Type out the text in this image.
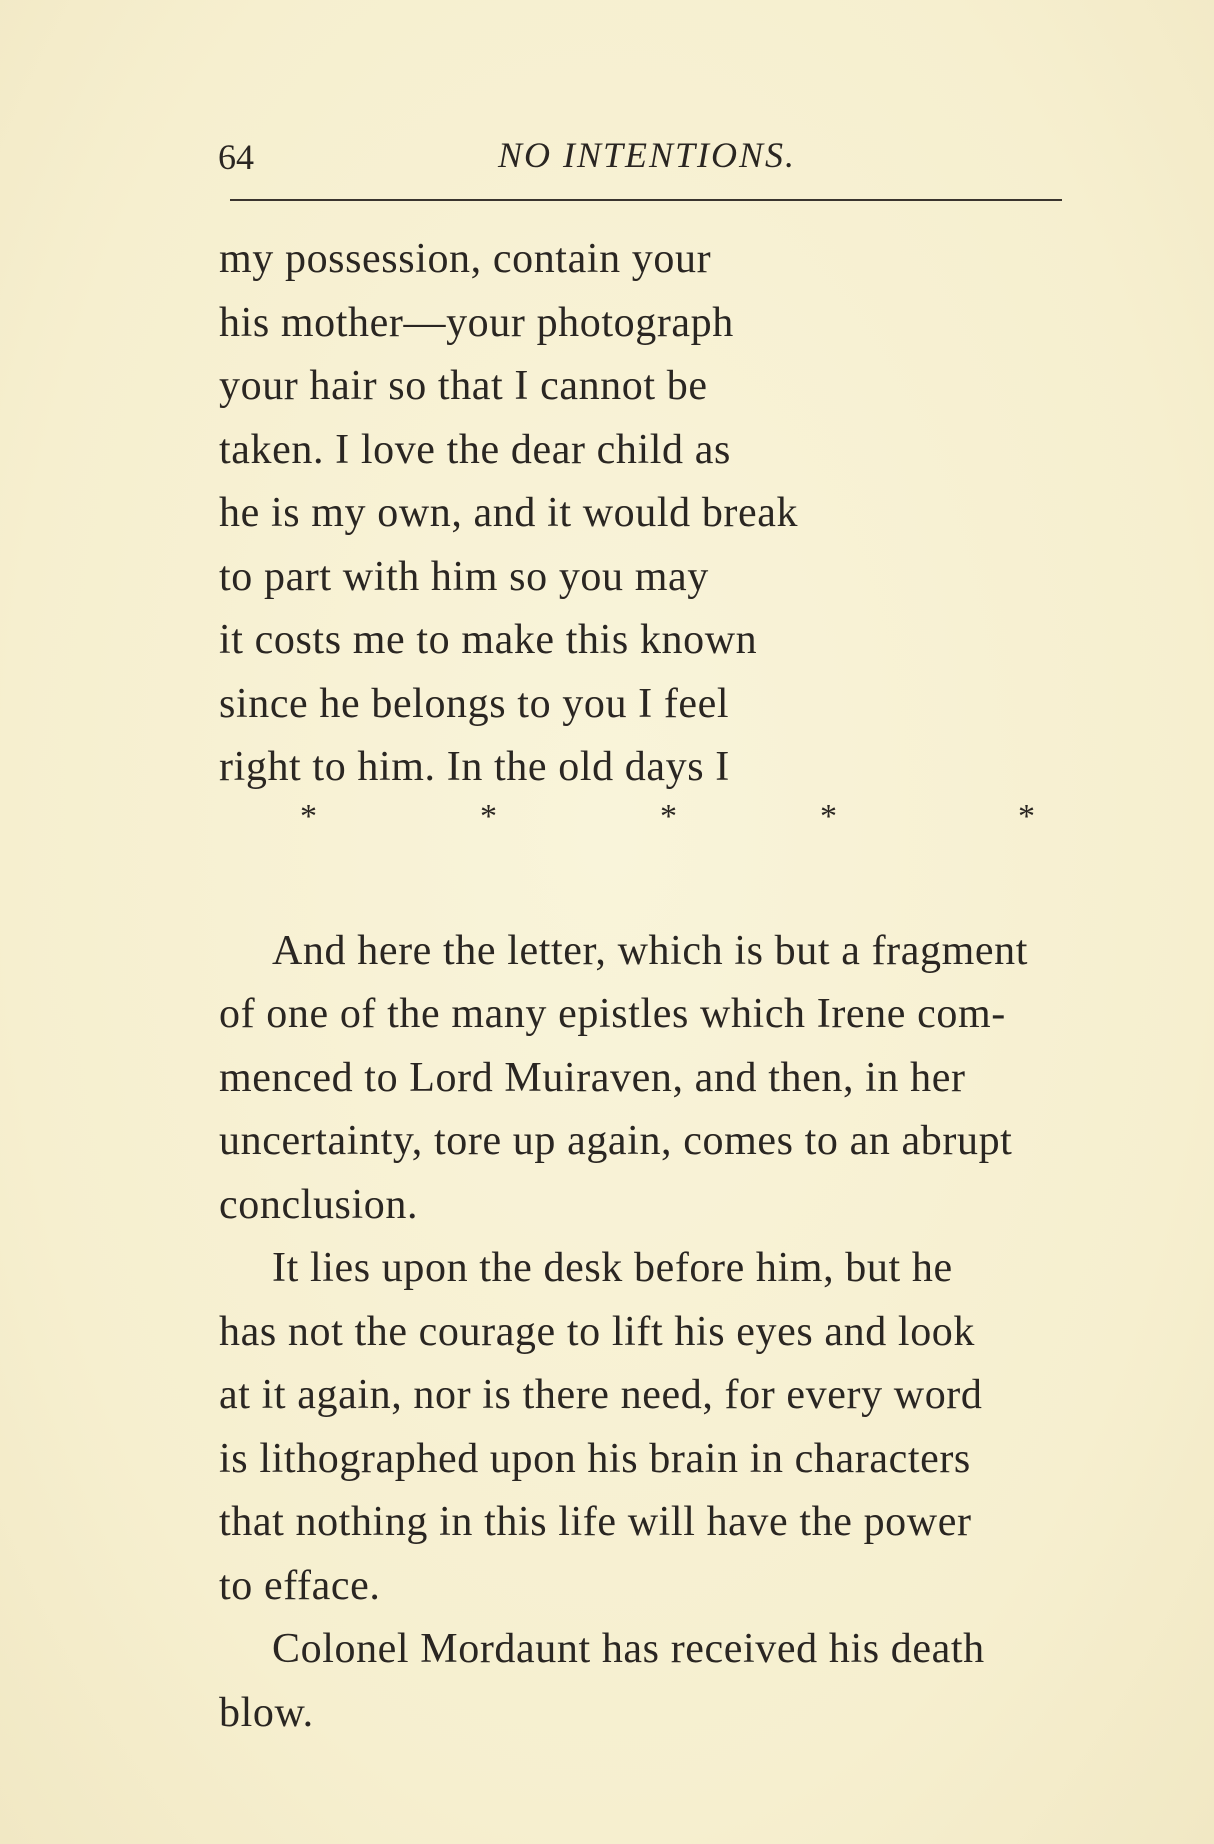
64	NO INTENTIONS.
my possession, contain your
his mother—your photograph
your hair so that I cannot be
taken. I love the dear child as
he is my own, and it would break
to part with him so you may
it costs me to make this known
since he belongs to you I feel
right to him. In the old days I
*	*	*	*	*
And here the letter, which is but a fragment
of one of the many epistles which Irene com-
menced to Lord Muiraven, and then, in her
uncertainty, tore up again, comes to an abrupt
conclusion.
It lies upon the desk before him, but he
has not the courage to lift his eyes and look
at it again, nor is there need, for every word
is lithographed upon his brain in characters
that nothing in this life will have the power
to efface.
Colonel Mordaunt has received his death
blow.
